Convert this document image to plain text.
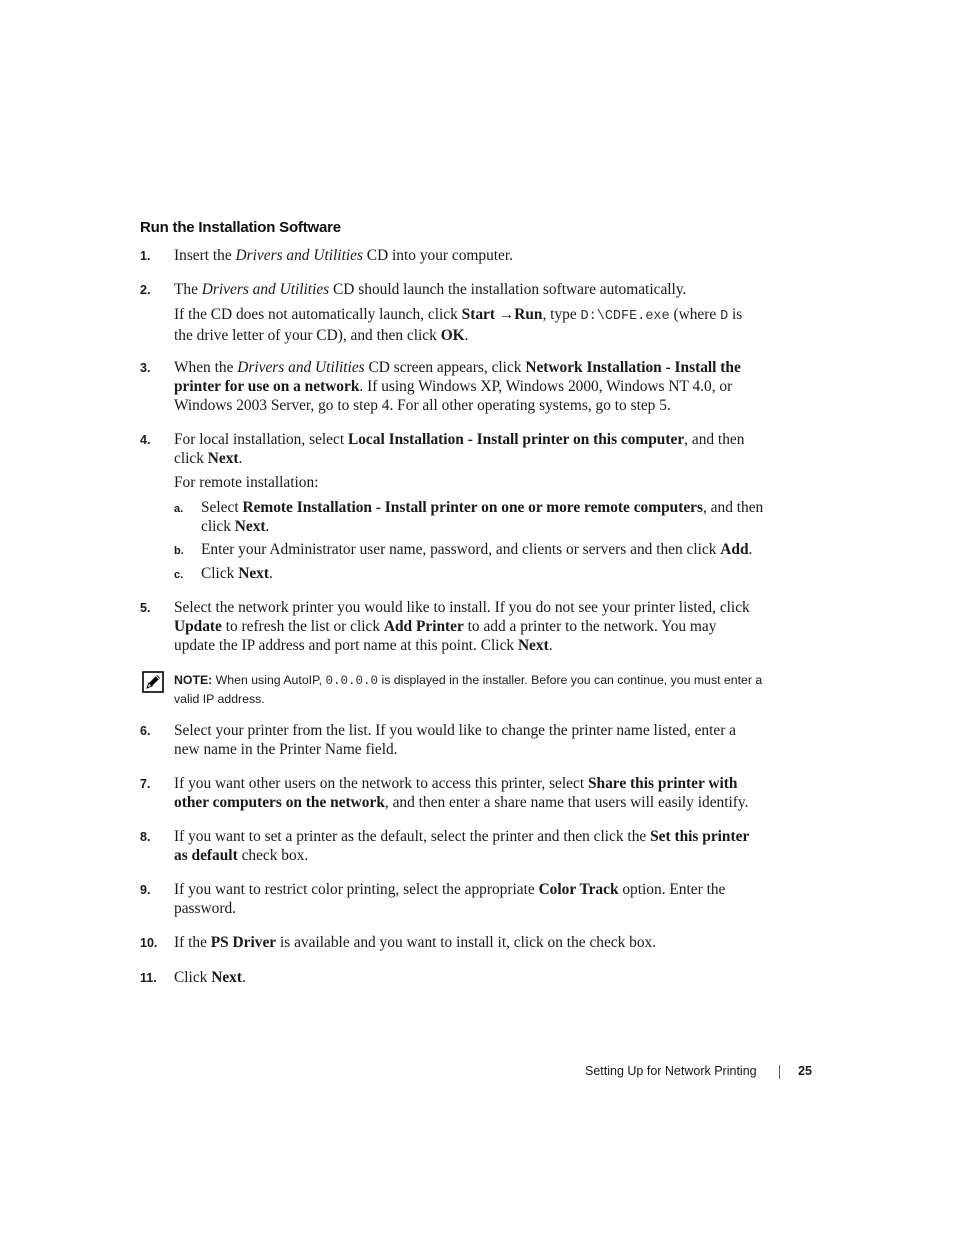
Run the Installation Software
1.	Insert the Drivers and Utilities CD into your computer.
2.	The Drivers and Utilities CD should launch the installation software automatically.
If the CD does not automatically launch, click Start →Run, type D:\CDFE.exe (where D is the drive letter of your CD), and then click OK.
3.	When the Drivers and Utilities CD screen appears, click Network Installation - Install the printer for use on a network. If using Windows XP, Windows 2000, Windows NT 4.0, or Windows 2003 Server, go to step 4. For all other operating systems, go to step 5.
4.	For local installation, select Local Installation - Install printer on this computer, and then click Next.
For remote installation:
a. Select Remote Installation - Install printer on one or more remote computers, and then click Next.
b. Enter your Administrator user name, password, and clients or servers and then click Add.
c. Click Next.
5.	Select the network printer you would like to install. If you do not see your printer listed, click Update to refresh the list or click Add Printer to add a printer to the network. You may update the IP address and port name at this point. Click Next.
NOTE: When using AutoIP, 0.0.0.0 is displayed in the installer. Before you can continue, you must enter a valid IP address.
6.	Select your printer from the list. If you would like to change the printer name listed, enter a new name in the Printer Name field.
7.	If you want other users on the network to access this printer, select Share this printer with other computers on the network, and then enter a share name that users will easily identify.
8.	If you want to set a printer as the default, select the printer and then click the Set this printer as default check box.
9.	If you want to restrict color printing, select the appropriate Color Track option. Enter the password.
10.	If the PS Driver is available and you want to install it, click on the check box.
11.	Click Next.
Setting Up for Network Printing	25
